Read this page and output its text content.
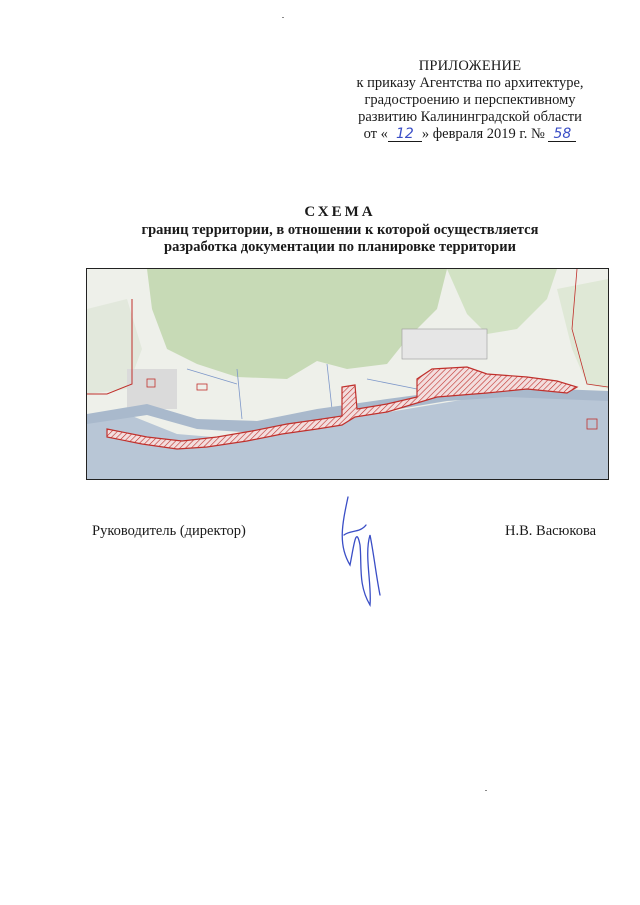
ПРИЛОЖЕНИЕ
к приказу Агентства по архитектуре,
градостроению и перспективному
развитию Калининградской области
от « 12 » февраля 2019 г. № 58
СХЕМА
границ территории, в отношении к которой осуществляется
разработка документации по планировке территории
Руководитель (директор)	Н.В. Васюкова
